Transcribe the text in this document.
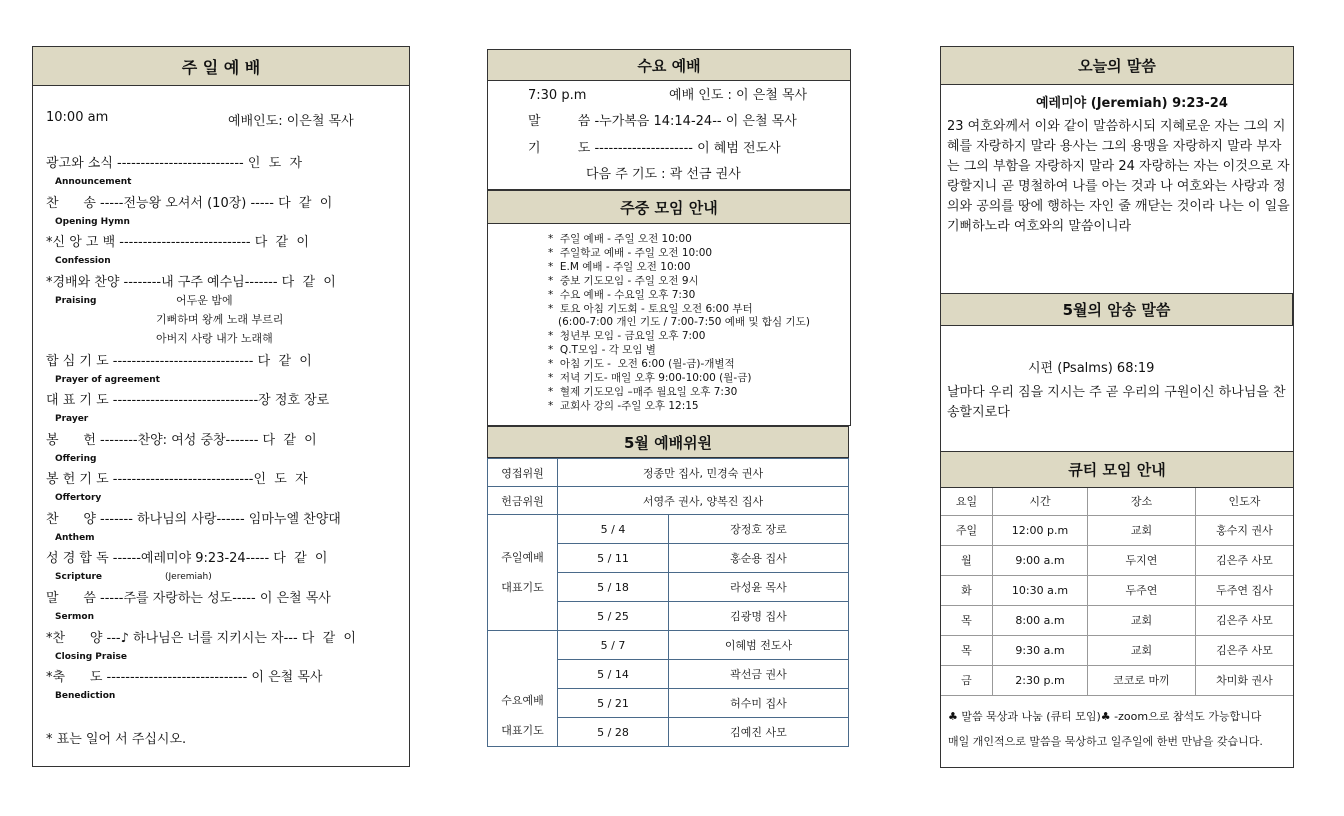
주 일 예 배
10:00 am	예배인도: 이은철 목사
광고와 소식 --------------------------- 인  도  자
Announcement
찬      송 -----전능왕 오셔서 (10장) ----- 다  같  이
Opening Hymn
*신 앙 고 백 ---------------------------- 다  같  이
Confession
*경배와 찬양 --------내 구주 예수님------- 다  같  이
Praising
합 심 기 도 ------------------------------ 다  같  이
Prayer of agreement
대 표 기 도 -------------------------------장 정호 장로
Prayer
봉      헌 --------찬양: 여성 중창------- 다  같  이
Offering
봉 헌 기 도 ------------------------------인  도  자
Offertory
찬      양 ------- 하나님의 사랑------ 임마누엘 찬양대
Anthem
성 경 합 독 ------예레미야 9:23-24----- 다  같  이
Scripture	(Jeremiah)
말      씀 -----주를 자랑하는 성도----- 이 은철 목사
Sermon
*찬      양 ---♪ 하나님은 너를 지키시는 자--- 다  같  이
Closing Praise
*축      도 ------------------------------ 이 은철 목사
Benediction
어두운 밤에
기뻐하며 왕께 노래 부르리
아버지 사랑 내가 노래해
* 표는 일어 서 주십시오.
수요 예배
7:30 p.m                    예배 인도 : 이 은철 목사
말         씀 -누가복음 14:14-24-- 이 은철 목사
기         도 --------------------- 이 혜범 전도사
다음 주 기도 : 곽 선금 권사
주중 모임 안내
*  주일 예배 - 주일 오전 10:00
*  주일학교 예배 - 주일 오전 10:00
*  E.M 예배 - 주일 오전 10:00
*  중보 기도모임 - 주일 오전 9시
*  수요 예배 - 수요일 오후 7:30
*  토요 아침 기도회 - 토요일 오전 6:00 부터
(6:00-7:00 개인 기도 / 7:00-7:50 예배 및 합심 기도)
*  청년부 모임 - 금요일 오후 7:00
*  Q.T모임 - 각 모임 별
*  아침 기도 -  오전 6:00 (월-금)-개별적
*  저녁 기도- 매일 오후 9:00-10:00 (월-금)
*  혈제 기도모임 –매주 월요일 오후 7:30
*  교회사 강의 -주일 오후 12:15
5월 예배위원
영접위원	정종만 집사, 민경숙 권사	
헌금위원	서영주 권사, 양복진 집사	

주일예배
대표기도	5 / 4	장정호 장로
	5 / 11	홍순용 집사
	5 / 18	라성윤 목사
	5 / 25	김광명 집사

수요예배
대표기도	5 / 7	이혜범 전도사
	5 / 14	곽선금 권사
	5 / 21	허수미 집사
	5 / 28	김예진 사모
오늘의 말씀
예레미야 (Jeremiah) 9:23-24
23 여호와께서 이와 같이 말씀하시되 지혜로운 자는 그의 지혜를 자랑하지 말라 용사는 그의 용맹을 자랑하지 말라 부자는 그의 부함을 자랑하지 말라 24 자랑하는 자는 이것으로 자랑할지니 곧 명철하여 나를 아는 것과 나 여호와는 사랑과 정의와 공의를 땅에 행하는 자인 줄 깨닫는 것이라 나는 이 일을 기뻐하노라 여호와의 말씀이니라
5월의 암송 말씀
시편 (Psalms) 68:19
날마다 우리 짐을 지시는 주 곧 우리의 구원이신 하나님을 찬송할지로다
큐티 모임 안내
요일	시간	장소	인도자
주일	12:00 p.m	교회	홍수지 권사
월	9:00 a.m	두지연	김은주 사모
화	10:30 a.m	두주연	두주연 집사
목	8:00 a.m	교회	김은주 사모
목	9:30 a.m	교회	김은주 사모
금	2:30 p.m	코코로 마끼	차미화 권사
♣ 말씀 묵상과 나눔 (큐티 모임)♣ -zoom으로 참석도 가능합니다
매일 개인적으로 말씀을 묵상하고 일주일에 한번 만남을 갖습니다.
